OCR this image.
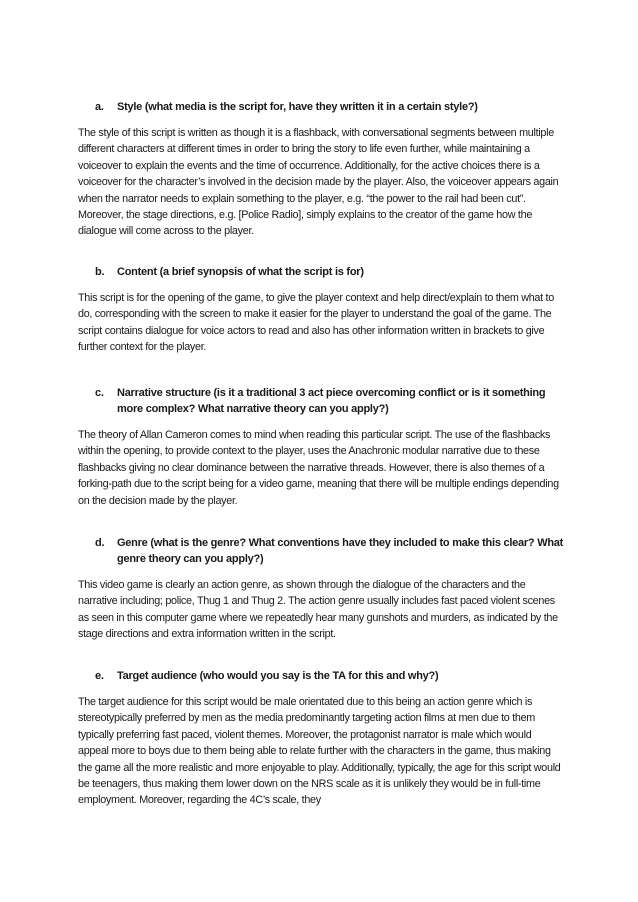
a.	Style (what media is the script for, have they written it in a certain style?)
The style of this script is written as though it is a flashback, with conversational segments between multiple different characters at different times in order to bring the story to life even further, while maintaining a voiceover to explain the events and the time of occurrence. Additionally, for the active choices there is a voiceover for the character’s involved in the decision made by the player. Also, the voiceover appears again when the narrator needs to explain something to the player, e.g. “the power to the rail had been cut”. Moreover, the stage directions, e.g. [Police Radio], simply explains to the creator of the game how the dialogue will come across to the player.
b.	Content (a brief synopsis of what the script is for)
This script is for the opening of the game, to give the player context and help direct/explain to them what to do, corresponding with the screen to make it easier for the player to understand the goal of the game. The script contains dialogue for voice actors to read and also has other information written in brackets to give further context for the player.
c.	Narrative structure (is it a traditional 3 act piece overcoming conflict or is it something more complex? What narrative theory can you apply?)
The theory of Allan Cameron comes to mind when reading this particular script. The use of the flashbacks within the opening, to provide context to the player, uses the Anachronic modular narrative due to these flashbacks giving no clear dominance between the narrative threads. However, there is also themes of a forking-path due to the script being for a video game, meaning that there will be multiple endings depending on the decision made by the player.
d.	Genre (what is the genre? What conventions have they included to make this clear? What genre theory can you apply?)
This video game is clearly an action genre, as shown through the dialogue of the characters and the narrative including; police, Thug 1 and Thug 2. The action genre usually includes fast paced violent scenes as seen in this computer game where we repeatedly hear many gunshots and murders, as indicated by the stage directions and extra information written in the script.
e.	Target audience (who would you say is the TA for this and why?)
The target audience for this script would be male orientated due to this being an action genre which is stereotypically preferred by men as the media predominantly targeting action films at men due to them typically preferring fast paced, violent themes. Moreover, the protagonist narrator is male which would appeal more to boys due to them being able to relate further with the characters in the game, thus making the game all the more realistic and more enjoyable to play. Additionally, typically, the age for this script would be teenagers, thus making them lower down on the NRS scale as it is unlikely they would be in full-time employment. Moreover, regarding the 4C’s scale, they
